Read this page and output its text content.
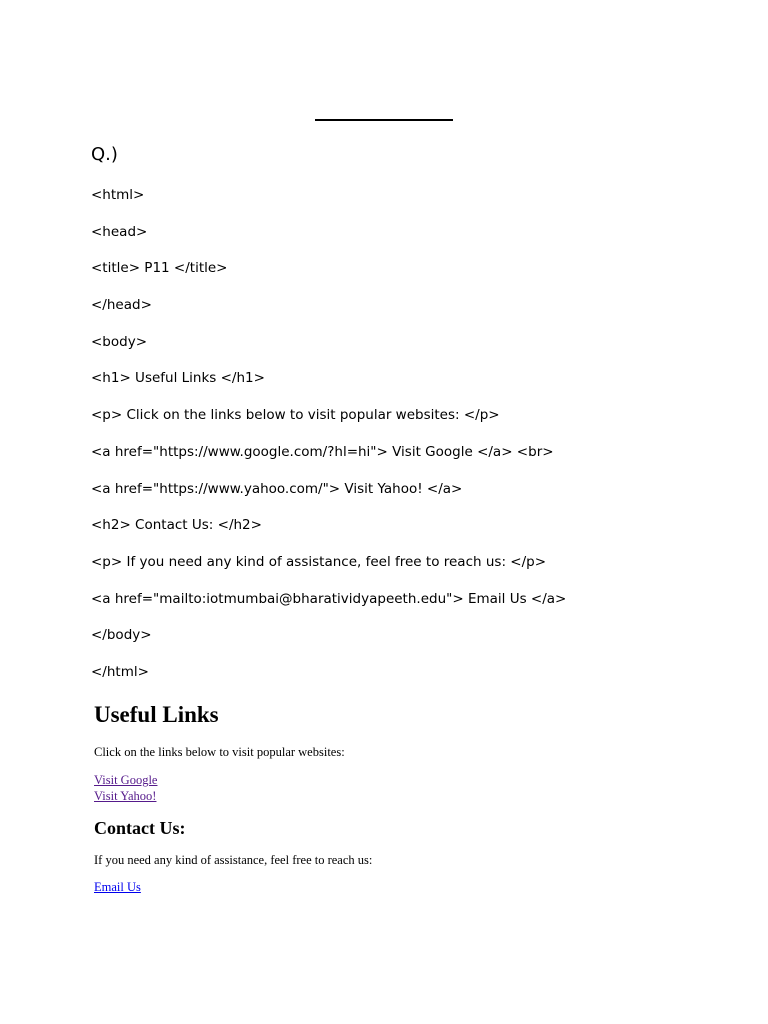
Q.)

<html>

<head>

<title> P11 </title>

</head>

<body>

<h1> Useful Links </h1>

<p> Click on the links below to visit popular websites: </p>

<a href="https://www.google.com/?hl=hi"> Visit Google </a> <br>

<a href="https://www.yahoo.com/"> Visit Yahoo! </a>

<h2> Contact Us: </h2>

<p> If you need any kind of assistance, feel free to reach us: </p>

<a href="mailto:iotmumbai@bharatividyapeeth.edu"> Email Us </a>

</body>

</html>

Useful Links

Click on the links below to visit popular websites:

Visit Google
Visit Yahoo!
Contact Us:

If you need any kind of assistance, feel free to reach us:

Email Us
